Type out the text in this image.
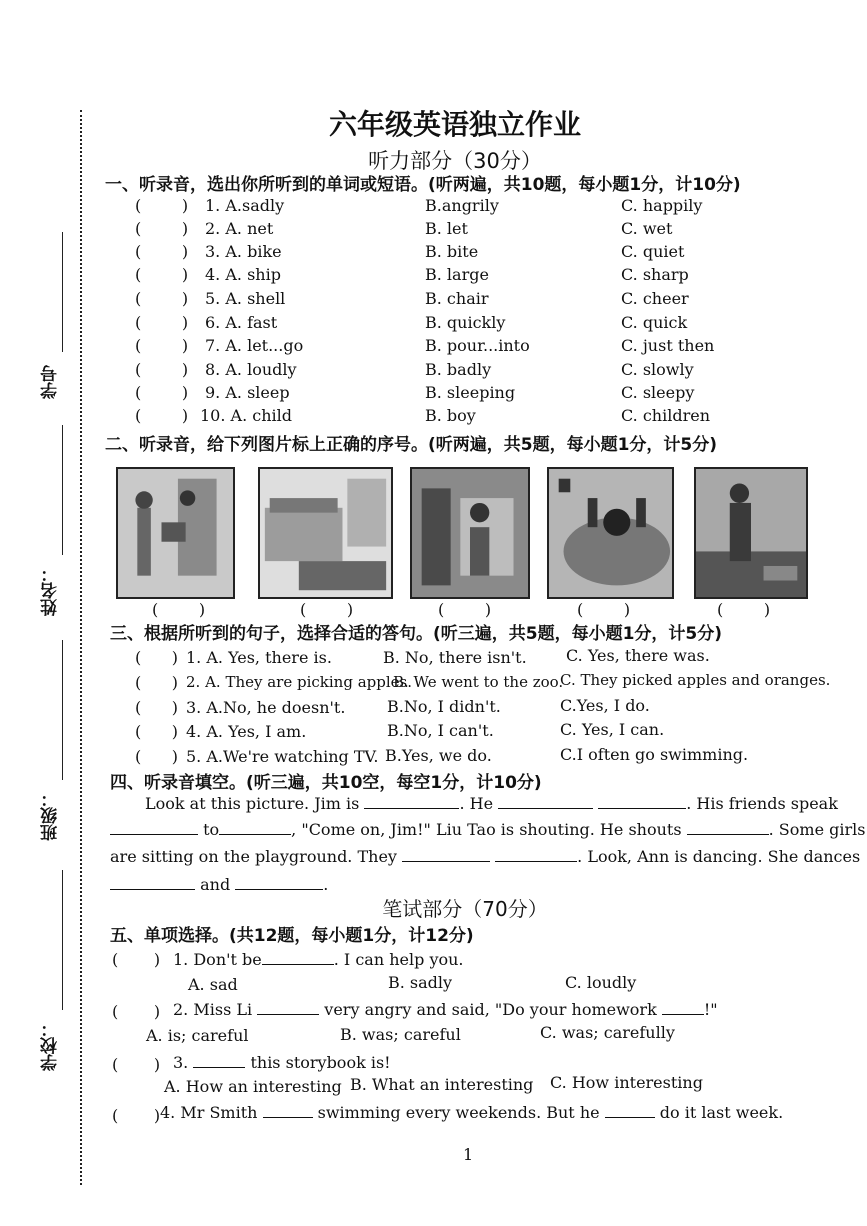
学号
姓名：
班级：
学校：
六年级英语独立作业
听力部分（30分）
一、听录音，选出你所听到的单词或短语。(听两遍，共10题，每小题1分，计10分)
(        ) 1. A.sadly	B.angrily	C. happily
(        ) 2. A. net	B. let	C. wet
(        ) 3. A. bike	B. bite	C. quiet
(        ) 4. A. ship	B. large	C. sharp
(        ) 5. A. shell	B. chair	C. cheer
(        ) 6. A. fast	B. quickly	C. quick
(        ) 7. A. let...go	B. pour...into	C. just then
(        ) 8. A. loudly	B. badly	C. slowly
(        ) 9. A. sleep	B. sleeping	C. sleepy
(        ) 10. A. child	B. boy	C. children
二、听录音，给下列图片标上正确的序号。(听两遍，共5题，每小题1分，计5分)
(        )	(        )	(        )	(        )	(        )
三、根据所听到的句子，选择合适的答句。(听三遍，共5题，每小题1分，计5分)
(      ) 1. A. Yes, there is.	B. No, there isn't. C. Yes, there was.
(      ) 2. A. They are picking apples.
B. We went to the zoo.
C. They picked apples and oranges.
(      ) 3. A.No, he doesn't.	B.No, I didn't.	C.Yes, I do.
(      ) 4. A. Yes, I am.	B.No, I can't.	C. Yes, I can.
(      ) 5. A.We're watching TV. B.Yes, we do.	C.I often go swimming.
四、听录音填空。(听三遍，共10空，每空1分，计10分)
Look at this picture. Jim is	. He	. His friends speak
to	, "Come on, Jim!" Liu Tao is shouting. He shouts	. Some girls
are sitting on the playground. They	. Look, Ann is dancing. She dances
and	.
笔试部分（70分）
五、单项选择。(共12题，每小题1分，计12分)
(       ) 1. Don't be	. I can help you.
A. sad	B. sadly	C. loudly
(       ) 2. Miss Li	very angry and said, "Do your homework	!"
A. is; careful	B. was; careful	C. was; carefully
(       ) 3.	this storybook is!
A. How an interesting B. What an interesting C. How interesting
(       ) 4. Mr Smith	swimming every weekends. But he	do it last week.
1
